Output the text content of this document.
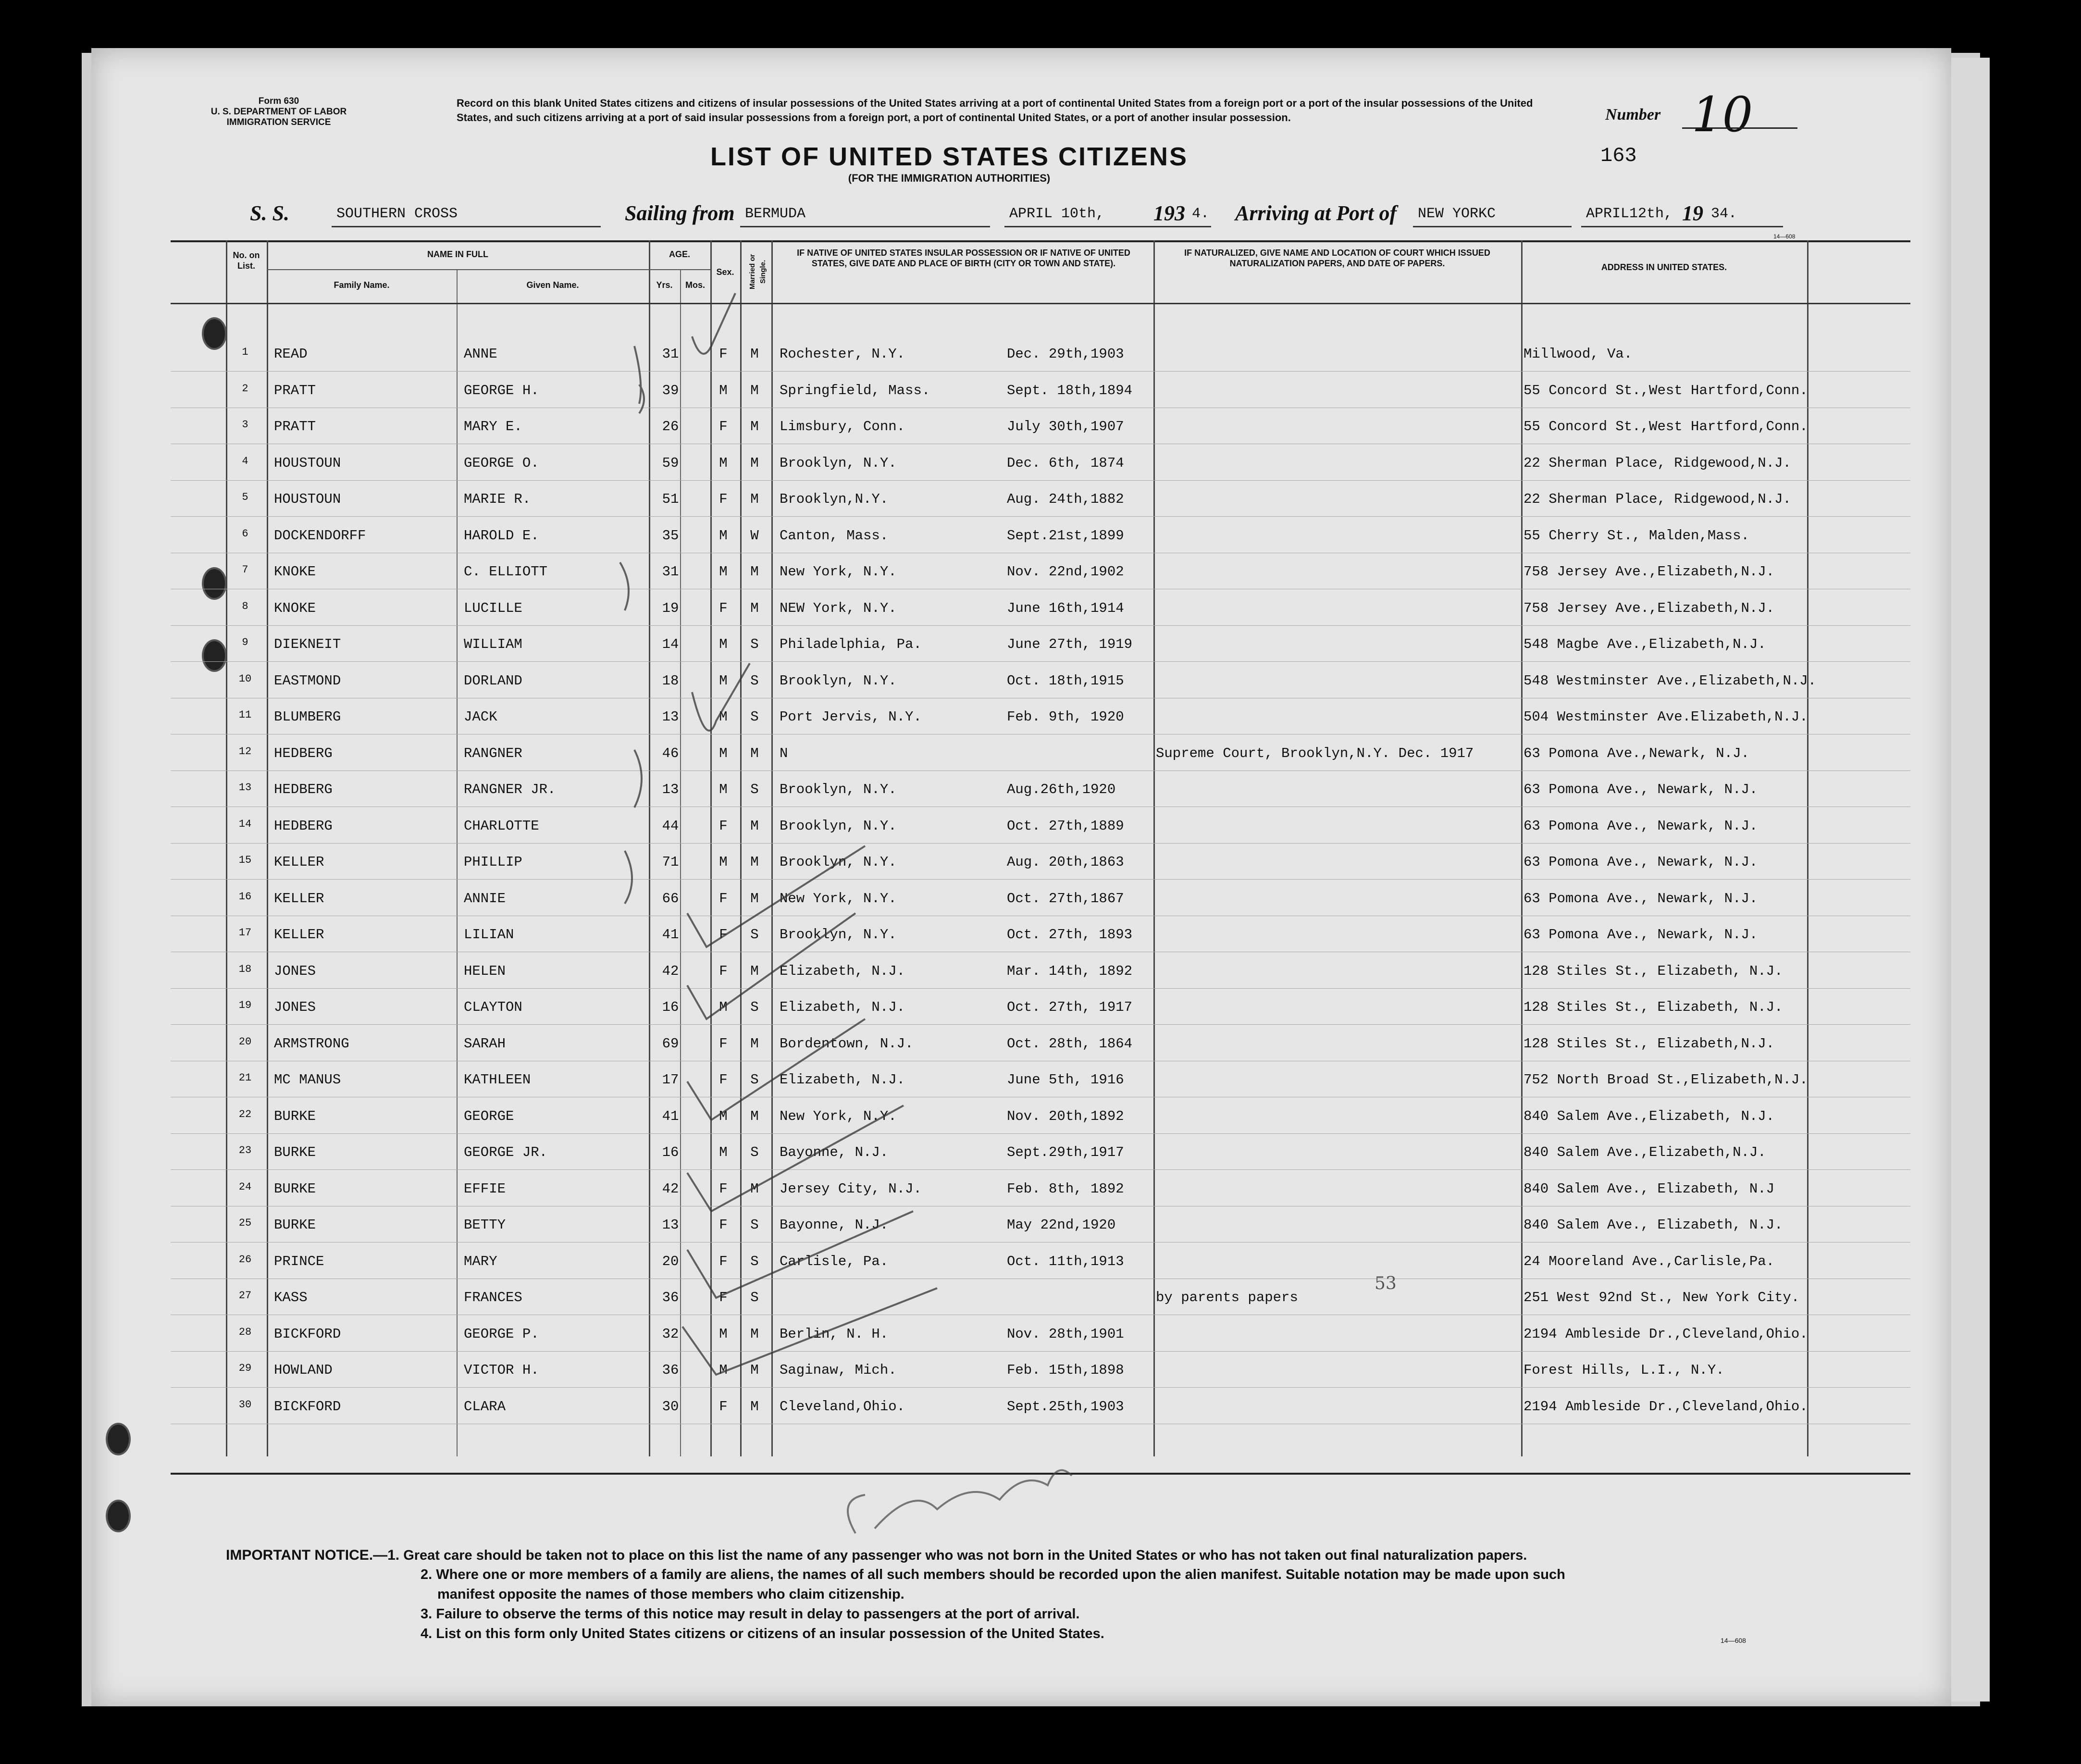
Form 630
U. S. DEPARTMENT OF LABOR
IMMIGRATION SERVICE
Record on this blank United States citizens and citizens of insular possessions of the United States arriving at a port of continental United States from a foreign port or a port of the insular possessions of the United States, and such citizens arriving at a port of said insular possessions from a foreign port, a port of continental United States, or a port of another insular possession.	Number 10
LIST OF UNITED STATES CITIZENS
(FOR THE IMMIGRATION AUTHORITIES)
163
S. S.	SOUTHERN CROSS	Sailing from BERMUDA	APRIL 10th, 193 4. Arriving at Port of NEW YORKC	APRIL12th, 19 34.
14—608
No. on List.
NAME IN FULL
Family Name.	Given Name.
AGE.
Yrs.	Mos.
Sex.	Married or Single.
IF NATIVE OF UNITED STATES INSULAR POSSESSION OR IF NATIVE OF UNITED STATES, GIVE DATE AND PLACE OF BIRTH (CITY OR TOWN AND STATE).
IF NATURALIZED, GIVE NAME AND LOCATION OF COURT WHICH ISSUED NATURALIZATION PAPERS, AND DATE OF PAPERS.	ADDRESS IN UNITED STATES.
1	READ	ANNE	31	F	M	Rochester, N.Y.	Dec. 29th,1903	Millwood, Va.
2	PRATT	GEORGE H.	39	M	M	Springfield, Mass.	Sept. 18th,1894	55 Concord St.,West Hartford,Conn.
3	PRATT	MARY E.	26	F	M	Limsbury, Conn.	July 30th,1907	55 Concord St.,West Hartford,Conn.
4	HOUSTOUN	GEORGE O.	59	M	M	Brooklyn, N.Y.	Dec. 6th, 1874	22 Sherman Place, Ridgewood,N.J.
5	HOUSTOUN	MARIE R.	51	F	M	Brooklyn,N.Y.	Aug. 24th,1882	22 Sherman Place, Ridgewood,N.J.
6	DOCKENDORFF	HAROLD E.	35	M	W	Canton, Mass.	Sept.21st,1899	55 Cherry St., Malden,Mass.
7	KNOKE	C. ELLIOTT	31	M	M	New York, N.Y.	Nov. 22nd,1902	758 Jersey Ave.,Elizabeth,N.J.
8	KNOKE	LUCILLE	19	F	M	NEW York, N.Y.	June 16th,1914	758 Jersey Ave.,Elizabeth,N.J.
9	DIEKNEIT	WILLIAM	14	M	S	Philadelphia, Pa.	June 27th, 1919	548 Magbe Ave.,Elizabeth,N.J.
10	EASTMOND	DORLAND	18	M	S	Brooklyn, N.Y.	Oct. 18th,1915	548 Westminster Ave.,Elizabeth,N.J.
11	BLUMBERG	JACK	13	M	S	Port Jervis, N.Y.	Feb. 9th, 1920	504 Westminster Ave.Elizabeth,N.J.
12	HEDBERG	RANGNER	46	M	M	N	Supreme Court, Brooklyn,N.Y. Dec. 1917	63 Pomona Ave.,Newark, N.J.
13	HEDBERG	RANGNER JR.	13	M	S	Brooklyn, N.Y.	Aug.26th,1920	63 Pomona Ave., Newark, N.J.
14	HEDBERG	CHARLOTTE	44	F	M	Brooklyn, N.Y.	Oct. 27th,1889	63 Pomona Ave., Newark, N.J.
15	KELLER	PHILLIP	71	M	M	Brooklyn, N.Y.	Aug. 20th,1863	63 Pomona Ave., Newark, N.J.
16	KELLER	ANNIE	66	F	M	New York, N.Y.	Oct. 27th,1867	63 Pomona Ave., Newark, N.J.
17	KELLER	LILIAN	41	F	S	Brooklyn, N.Y.	Oct. 27th, 1893	63 Pomona Ave., Newark, N.J.
18	JONES	HELEN	42	F	M	Elizabeth, N.J.	Mar. 14th, 1892	128 Stiles St., Elizabeth, N.J.
19	JONES	CLAYTON	16	M	S	Elizabeth, N.J.	Oct. 27th, 1917	128 Stiles St., Elizabeth, N.J.
20	ARMSTRONG	SARAH	69	F	M	Bordentown, N.J.	Oct. 28th, 1864	128 Stiles St., Elizabeth,N.J.
21	MC MANUS	KATHLEEN	17	F	S	Elizabeth, N.J.	June 5th, 1916	752 North Broad St.,Elizabeth,N.J.
22	BURKE	GEORGE	41	M	M	New York, N.Y.	Nov. 20th,1892	840 Salem Ave.,Elizabeth, N.J.
23	BURKE	GEORGE JR.	16	M	S	Bayonne, N.J.	Sept.29th,1917	840 Salem Ave.,Elizabeth,N.J.
24	BURKE	EFFIE	42	F	M	Jersey City, N.J.	Feb. 8th, 1892	840 Salem Ave., Elizabeth, N.J
25	BURKE	BETTY	13	F	S	Bayonne, N.J.	May 22nd,1920	840 Salem Ave., Elizabeth, N.J.
26	PRINCE	MARY	20	F	S	Carlisle, Pa.	Oct. 11th,1913	24 Mooreland Ave.,Carlisle,Pa.
27	KASS	FRANCES	36	F	S	by parents papers	251 West 92nd St., New York City.
28	BICKFORD	GEORGE P.	32	M	M	Berlin, N. H.	Nov. 28th,1901	2194 Ambleside Dr.,Cleveland,Ohio.
29	HOWLAND	VICTOR H.	36	M	M	Saginaw, Mich.	Feb. 15th,1898	Forest Hills, L.I., N.Y.
30	BICKFORD	CLARA	30	F	M	Cleveland,Ohio.	Sept.25th,1903	2194 Ambleside Dr.,Cleveland,Ohio.
53
IMPORTANT NOTICE.—1. Great care should be taken not to place on this list the name of any passenger who was not born in the United States or who has not taken out final naturalization papers.
2. Where one or more members of a family are aliens, the names of all such members should be recorded upon the alien manifest. Suitable notation may be made upon such
manifest opposite the names of those members who claim citizenship.
3. Failure to observe the terms of this notice may result in delay to passengers at the port of arrival.
4. List on this form only United States citizens or citizens of an insular possession of the United States.	14—608
